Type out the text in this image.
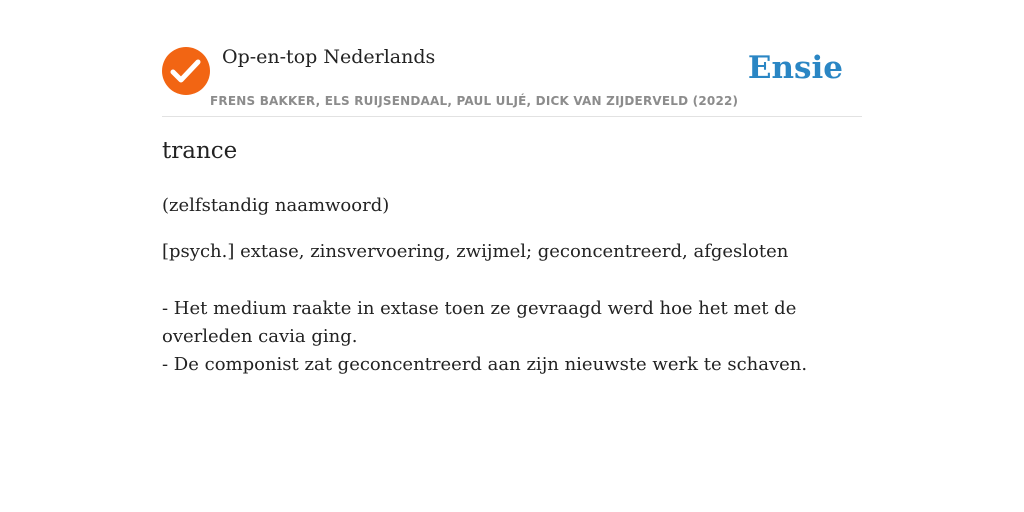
Op-en-top Nederlands
FRENS BAKKER, ELS RUIJSENDAAL, PAUL ULJÉ, DICK VAN ZIJDERVELD (2022)
Ensie
trance
(zelfstandig naamwoord)
[psych.] extase, zinsvervoering, zwijmel; geconcentreerd, afgesloten
- Het medium raakte in extase toen ze gevraagd werd hoe het met de overleden cavia ging.
- De componist zat geconcentreerd aan zijn nieuwste werk te schaven.
